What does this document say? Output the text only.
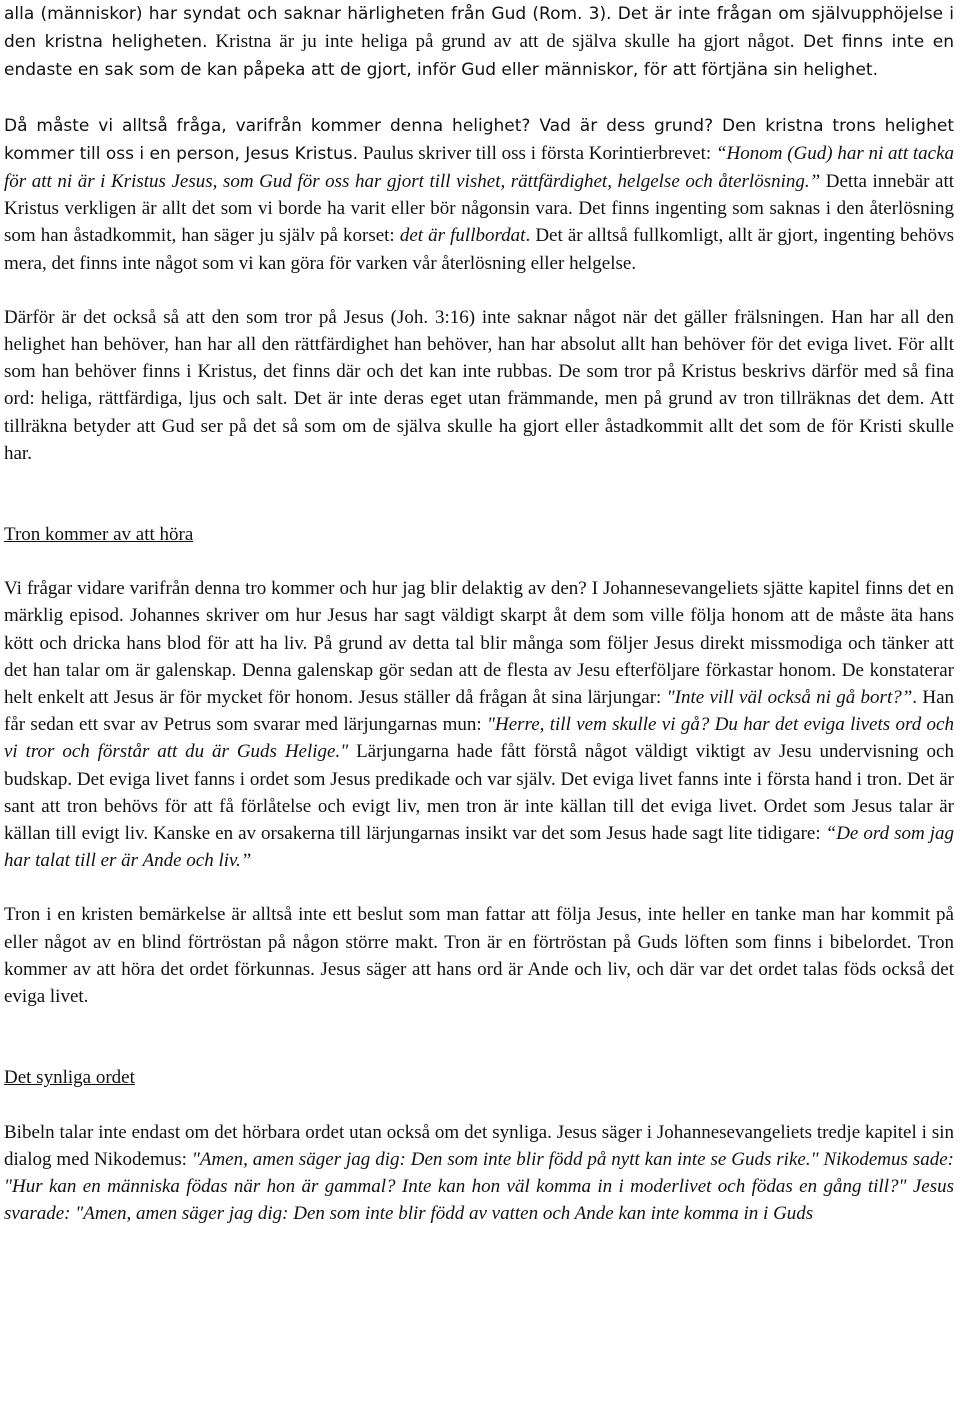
alla (människor) har syndat och saknar härligheten från Gud (Rom. 3). Det är inte frågan om självupphöjelse i den kristna heligheten. Kristna är ju inte heliga på grund av att de själva skulle ha gjort något. Det finns inte en endaste en sak som de kan påpeka att de gjort, inför Gud eller människor, för att förtjäna sin helighet.

Då måste vi alltså fråga, varifrån kommer denna helighet? Vad är dess grund? Den kristna trons helighet kommer till oss i en person, Jesus Kristus. Paulus skriver till oss i första Korintierbrevet: “Honom (Gud) har ni att tacka för att ni är i Kristus Jesus, som Gud för oss har gjort till vishet, rättfärdighet, helgelse och återlösning.” Detta innebär att Kristus verkligen är allt det som vi borde ha varit eller bör någonsin vara. Det finns ingenting som saknas i den återlösning som han åstadkommit, han säger ju själv på korset: det är fullbordat. Det är alltså fullkomligt, allt är gjort, ingenting behövs mera, det finns inte något som vi kan göra för varken vår återlösning eller helgelse.

Därför är det också så att den som tror på Jesus (Joh. 3:16) inte saknar något när det gäller frälsningen. Han har all den helighet han behöver, han har all den rättfärdighet han behöver, han har absolut allt han behöver för det eviga livet. För allt som han behöver finns i Kristus, det finns där och det kan inte rubbas. De som tror på Kristus beskrivs därför med så fina ord: heliga, rättfärdiga, ljus och salt. Det är inte deras eget utan främmande, men på grund av tron tillräknas det dem. Att tillräkna betyder att Gud ser på det så som om de själva skulle ha gjort eller åstadkommit allt det som de för Kristi skulle har.

Tron kommer av att höra

Vi frågar vidare varifrån denna tro kommer och hur jag blir delaktig av den? I Johannesevangeliets sjätte kapitel finns det en märklig episod. Johannes skriver om hur Jesus har sagt väldigt skarpt åt dem som ville följa honom att de måste äta hans kött och dricka hans blod för att ha liv. På grund av detta tal blir många som följer Jesus direkt missmodiga och tänker att det han talar om är galenskap. Denna galenskap gör sedan att de flesta av Jesu efterföljare förkastar honom. De konstaterar helt enkelt att Jesus är för mycket för honom. Jesus ställer då frågan åt sina lärjungar: "Inte vill väl också ni gå bort?”. Han får sedan ett svar av Petrus som svarar med lärjungarnas mun: "Herre, till vem skulle vi gå? Du har det eviga livets ord och vi tror och förstår att du är Guds Helige." Lärjungarna hade fått förstå något väldigt viktigt av Jesu undervisning och budskap. Det eviga livet fanns i ordet som Jesus predikade och var själv. Det eviga livet fanns inte i första hand i tron. Det är sant att tron behövs för att få förlåtelse och evigt liv, men tron är inte källan till det eviga livet. Ordet som Jesus talar är källan till evigt liv. Kanske en av orsakerna till lärjungarnas insikt var det som Jesus hade sagt lite tidigare: “De ord som jag har talat till er är Ande och liv.”

Tron i en kristen bemärkelse är alltså inte ett beslut som man fattar att följa Jesus, inte heller en tanke man har kommit på eller något av en blind förtröstan på någon större makt. Tron är en förtröstan på Guds löften som finns i bibelordet. Tron kommer av att höra det ordet förkunnas. Jesus säger att hans ord är Ande och liv, och där var det ordet talas föds också det eviga livet.

Det synliga ordet

Bibeln talar inte endast om det hörbara ordet utan också om det synliga. Jesus säger i Johannesevangeliets tredje kapitel i sin dialog med Nikodemus: "Amen, amen säger jag dig: Den som inte blir född på nytt kan inte se Guds rike." Nikodemus sade: "Hur kan en människa födas när hon är gammal? Inte kan hon väl komma in i moderlivet och födas en gång till?" Jesus svarade: "Amen, amen säger jag dig: Den som inte blir född av vatten och Ande kan inte komma in i Guds
